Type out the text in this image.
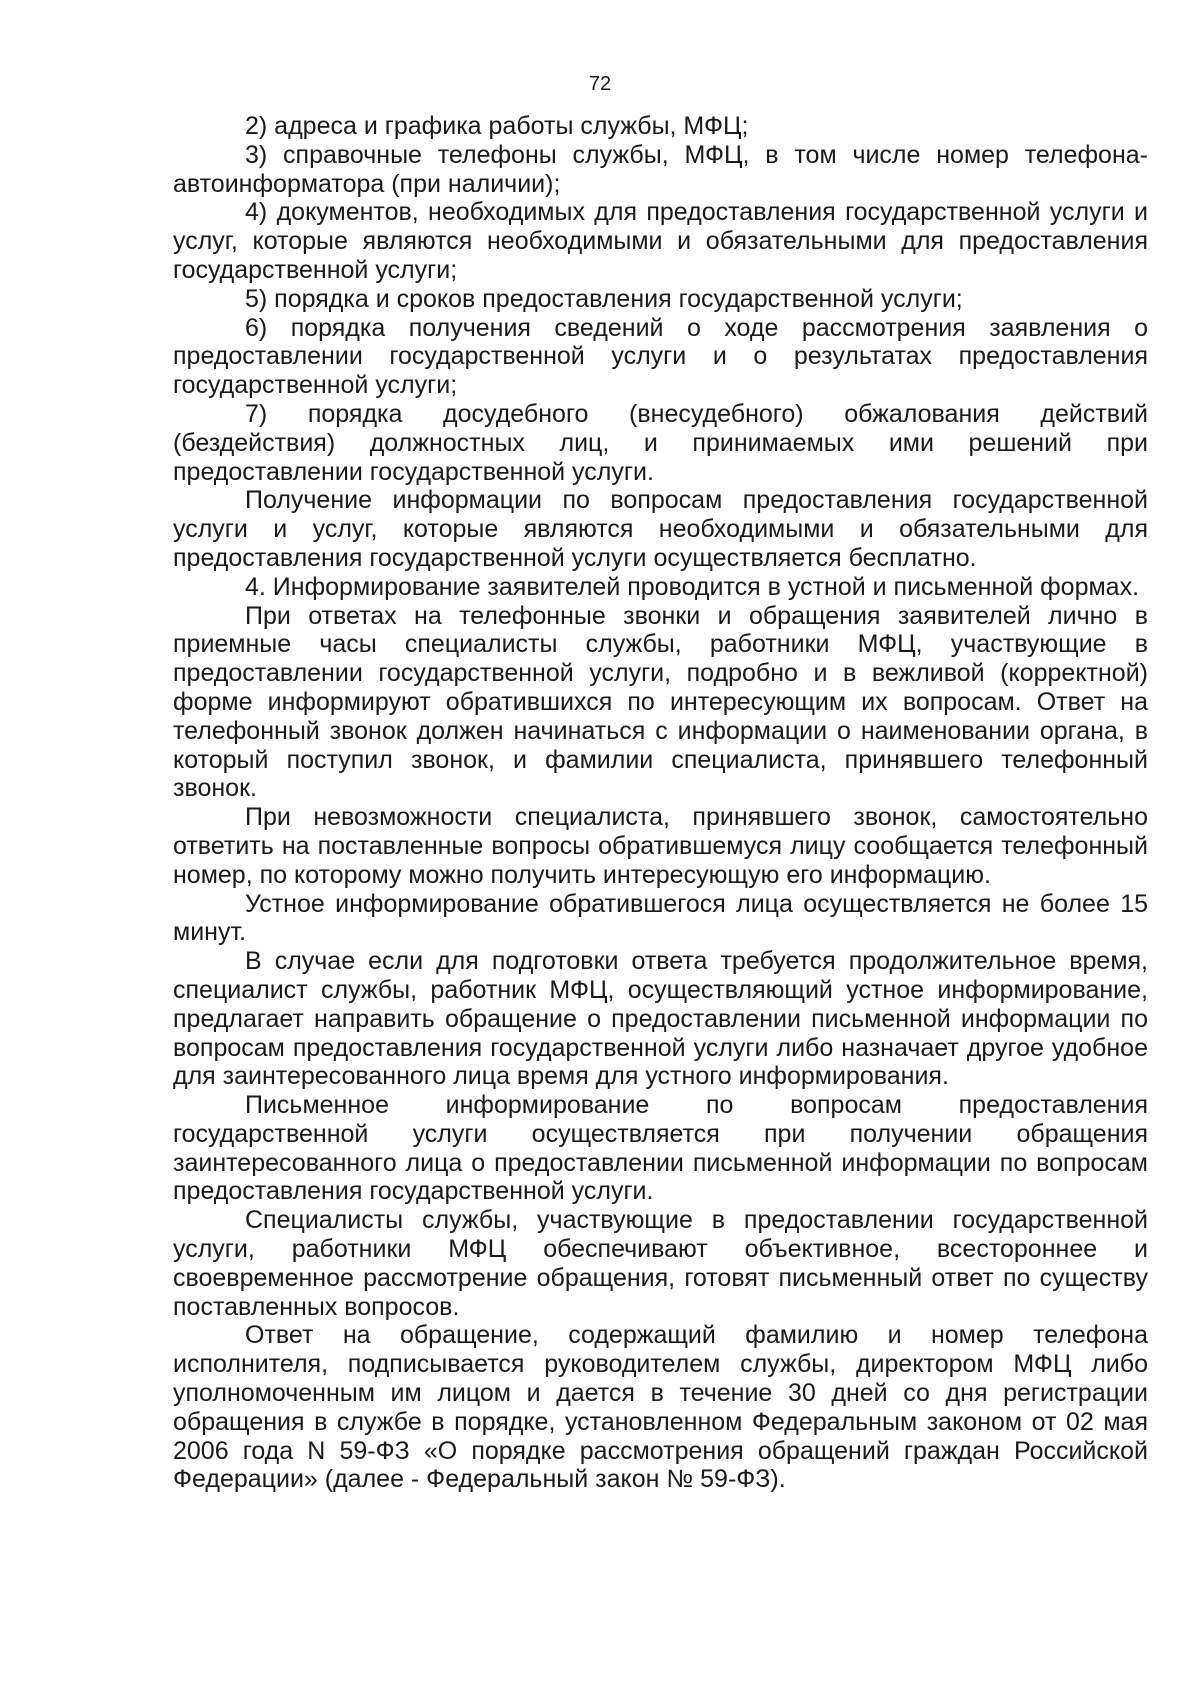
72

2) адреса и графика работы службы, МФЦ;

3) справочные телефоны службы, МФЦ, в том числе номер телефона-автоинформатора (при наличии);

4) документов, необходимых для предоставления государственной услуги и услуг, которые являются необходимыми и обязательными для предоставления государственной услуги;

5) порядка и сроков предоставления государственной услуги;

6) порядка получения сведений о ходе рассмотрения заявления о предоставлении государственной услуги и о результатах предоставления государственной услуги;

7) порядка досудебного (внесудебного) обжалования действий (бездействия) должностных лиц, и принимаемых ими решений при предоставлении государственной услуги.

Получение информации по вопросам предоставления государственной услуги и услуг, которые являются необходимыми и обязательными для предоставления государственной услуги осуществляется бесплатно.

4. Информирование заявителей проводится в устной и письменной формах.

При ответах на телефонные звонки и обращения заявителей лично в приемные часы специалисты службы, работники МФЦ, участвующие в предоставлении государственной услуги, подробно и в вежливой (корректной) форме информируют обратившихся по интересующим их вопросам. Ответ на телефонный звонок должен начинаться с информации о наименовании органа, в который поступил звонок, и фамилии специалиста, принявшего телефонный звонок.

При невозможности специалиста, принявшего звонок, самостоятельно ответить на поставленные вопросы обратившемуся лицу сообщается телефонный номер, по которому можно получить интересующую его информацию.

Устное информирование обратившегося лица осуществляется не более 15 минут.

В случае если для подготовки ответа требуется продолжительное время, специалист службы, работник МФЦ, осуществляющий устное информирование, предлагает направить обращение о предоставлении письменной информации по вопросам предоставления государственной услуги либо назначает другое удобное для заинтересованного лица время для устного информирования.

Письменное информирование по вопросам предоставления государственной услуги осуществляется при получении обращения заинтересованного лица о предоставлении письменной информации по вопросам предоставления государственной услуги.

Специалисты службы, участвующие в предоставлении государственной услуги, работники МФЦ обеспечивают объективное, всестороннее и своевременное рассмотрение обращения, готовят письменный ответ по существу поставленных вопросов.

Ответ на обращение, содержащий фамилию и номер телефона исполнителя, подписывается руководителем службы, директором МФЦ либо уполномоченным им лицом и дается в течение 30 дней со дня регистрации обращения в службе в порядке, установленном Федеральным законом от 02 мая 2006 года N 59-ФЗ «О порядке рассмотрения обращений граждан Российской Федерации» (далее - Федеральный закон № 59-ФЗ).
